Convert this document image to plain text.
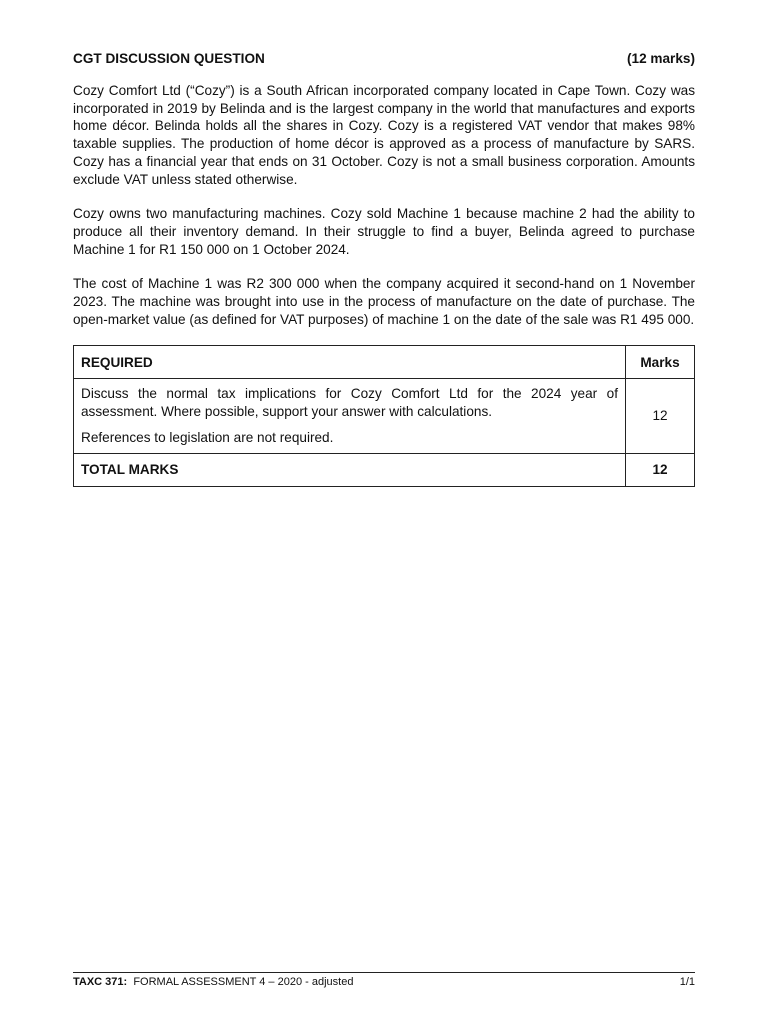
CGT DISCUSSION QUESTION	(12 marks)

Cozy Comfort Ltd (“Cozy”) is a South African incorporated company located in Cape Town. Cozy was incorporated in 2019 by Belinda and is the largest company in the world that manufactures and exports home décor. Belinda holds all the shares in Cozy. Cozy is a registered VAT vendor that makes 98% taxable supplies. The production of home décor is approved as a process of manufacture by SARS. Cozy has a financial year that ends on 31 October. Cozy is not a small business corporation. Amounts exclude VAT unless stated otherwise.

Cozy owns two manufacturing machines. Cozy sold Machine 1 because machine 2 had the ability to produce all their inventory demand. In their struggle to find a buyer, Belinda agreed to purchase Machine 1 for R1 150 000 on 1 October 2024.

The cost of Machine 1 was R2 300 000 when the company acquired it second-hand on 1 November 2023. The machine was brought into use in the process of manufacture on the date of purchase. The open-market value (as defined for VAT purposes) of machine 1 on the date of the sale was R1 495 000.

REQUIRED	Marks

Discuss the normal tax implications for Cozy Comfort Ltd for the 2024 year of assessment. Where possible, support your answer with calculations.

References to legislation are not required.	12
TOTAL MARKS	12
TAXC 371: FORMAL ASSESSMENT 4 – 2020 - adjusted	1/1
